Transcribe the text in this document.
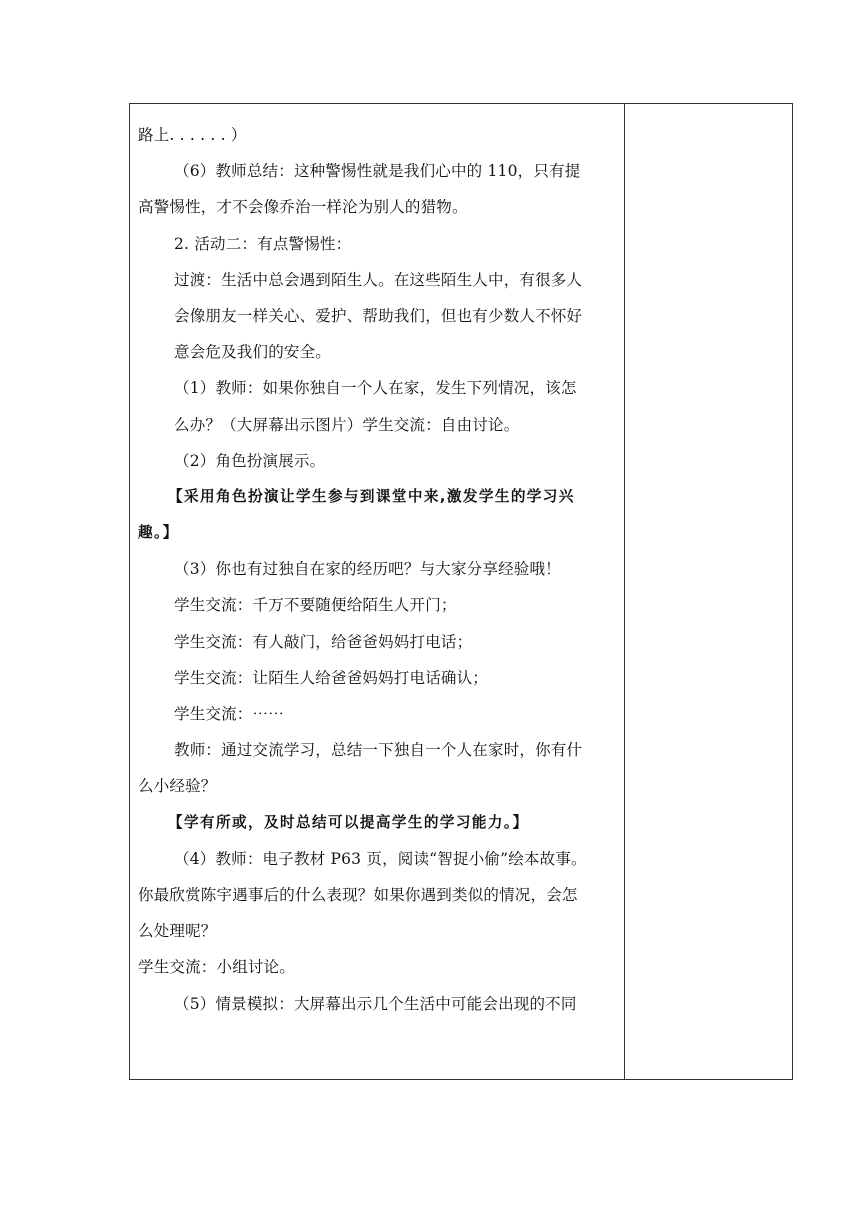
路上. . . . . . ）
（6）教师总结：这种警惕性就是我们心中的 110，只有提
高警惕性，才不会像乔治一样沦为别人的猎物。
2. 活动二：有点警惕性：
过渡：生活中总会遇到陌生人。在这些陌生人中，有很多人
会像朋友一样关心、爱护、帮助我们，但也有少数人不怀好
意会危及我们的安全。
（1）教师：如果你独自一个人在家，发生下列情况，该怎
么办？（大屏幕出示图片）学生交流：自由讨论。
（2）角色扮演展示。
【采用角色扮演让学生参与到课堂中来,激发学生的学习兴
趣。】
（3）你也有过独自在家的经历吧？与大家分享经验哦！
学生交流：千万不要随便给陌生人开门；
学生交流：有人敲门，给爸爸妈妈打电话；
学生交流：让陌生人给爸爸妈妈打电话确认；
学生交流：⋯⋯
教师：通过交流学习，总结一下独自一个人在家时，你有什
么小经验？
【学有所或，及时总结可以提高学生的学习能力。】
（4）教师：电子教材 P63 页，阅读“智捉小偷”绘本故事。
你最欣赏陈宇遇事后的什么表现？如果你遇到类似的情况，会怎
么处理呢？
学生交流：小组讨论。
（5）情景模拟：大屏幕出示几个生活中可能会出现的不同
